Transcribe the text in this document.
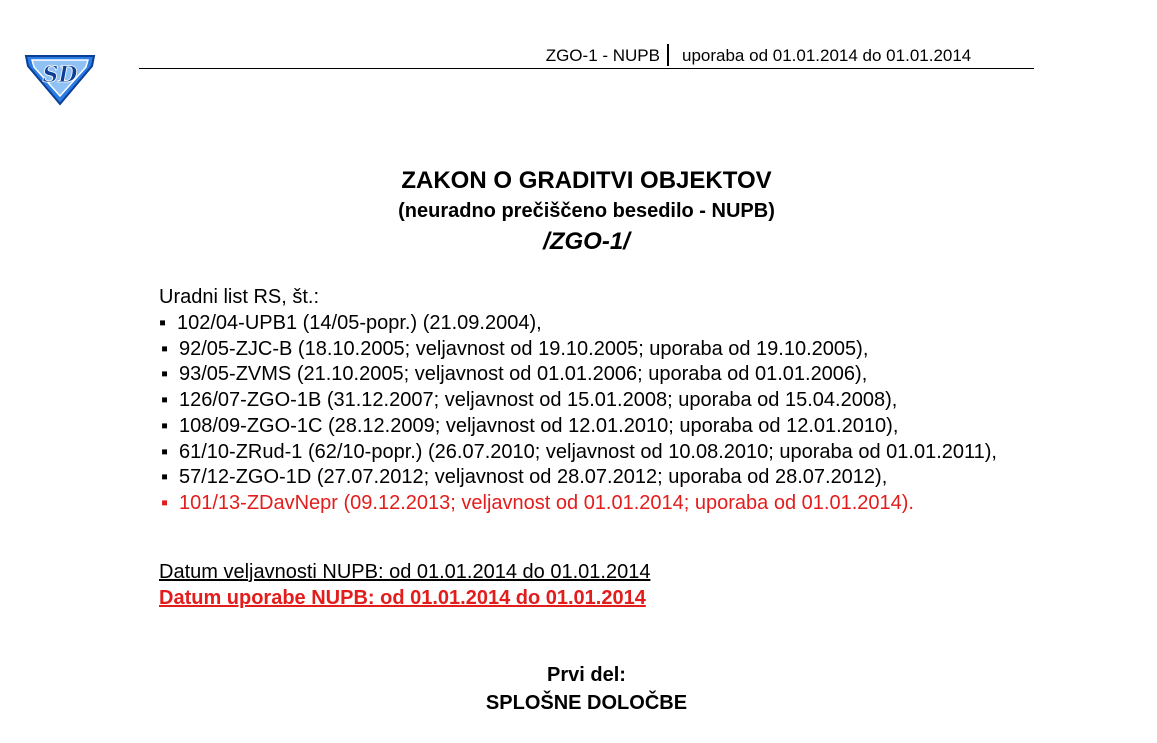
SD
ZGO-1 - NUPB uporaba od 01.01.2014 do 01.01.2014
ZAKON O GRADITVI OBJEKTOV
(neuradno prečiščeno besedilo - NUPB)
/ZGO-1/
Uradni list RS, št.:
▪ 102/04-UPB1 (14/05-popr.) (21.09.2004),
▪ 92/05-ZJC-B (18.10.2005; veljavnost od 19.10.2005; uporaba od 19.10.2005),
▪ 93/05-ZVMS (21.10.2005; veljavnost od 01.01.2006; uporaba od 01.01.2006),
▪ 126/07-ZGO-1B (31.12.2007; veljavnost od 15.01.2008; uporaba od 15.04.2008),
▪ 108/09-ZGO-1C (28.12.2009; veljavnost od 12.01.2010; uporaba od 12.01.2010),
▪ 61/10-ZRud-1 (62/10-popr.) (26.07.2010; veljavnost od 10.08.2010; uporaba od 01.01.2011),
▪ 57/12-ZGO-1D (27.07.2012; veljavnost od 28.07.2012; uporaba od 28.07.2012),
▪ 101/13-ZDavNepr (09.12.2013; veljavnost od 01.01.2014; uporaba od 01.01.2014).
Datum veljavnosti NUPB: od 01.01.2014 do 01.01.2014
Datum uporabe NUPB: od 01.01.2014 do 01.01.2014
Prvi del:
SPLOŠNE DOLOČBE
